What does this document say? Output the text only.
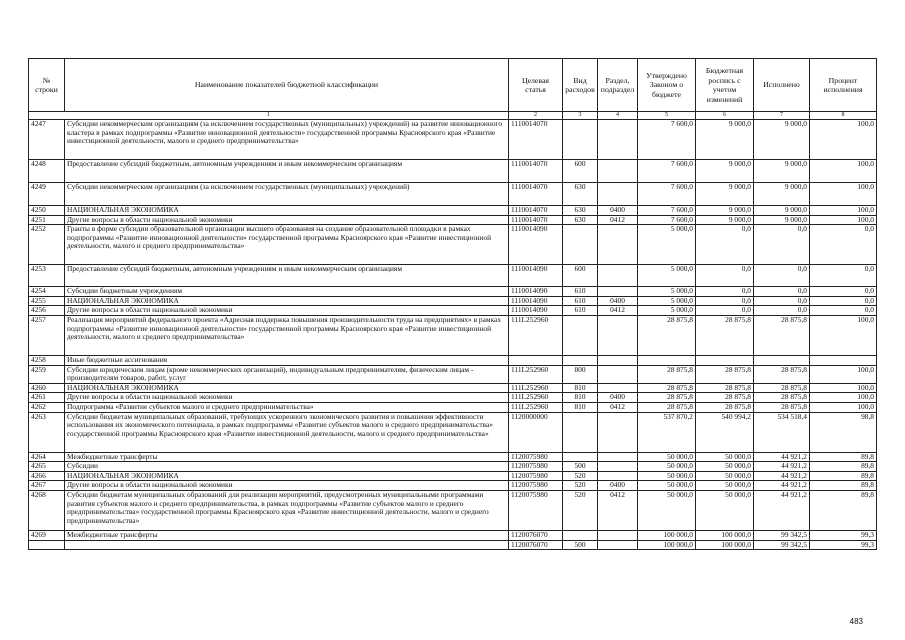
№ строки	Наименование показателей бюджетной классификации	Целевая статья	Вид расходов	Раздел, подраздел	Утверждено Законом о бюджете	Бюджетная роспись с учетом изменений	Исполнено	Процент исполнения
1		2	3	4	5	6	7	8
4247	Субсидии некоммерческим организациям (за исключением государственных (муниципальных) учреждений) на развитие инновационного кластера в рамках подпрограммы «Развитие инновационной деятельности» государственной программы Красноярского края «Развитие инвестиционной деятельности, малого и среднего предпринимательства»	1110014070			7 600,0	9 000,0	9 000,0	100,0
4248	Предоставление субсидий бюджетным, автономным учреждениям и иным некоммерческим организациям	1110014070	600		7 600,0	9 000,0	9 000,0	100,0
4249	Субсидии некоммерческим организациям (за исключением государственных (муниципальных) учреждений)	1110014070	630		7 600,0	9 000,0	9 000,0	100,0
4250	НАЦИОНАЛЬНАЯ ЭКОНОМИКА	1110014070	630	0400	7 600,0	9 000,0	9 000,0	100,0
4251	Другие вопросы в области национальной экономики	1110014070	630	0412	7 600,0	9 000,0	9 000,0	100,0
4252	Гранты в форме субсидии образовательной организации высшего образования на создание образовательной площадки в рамках подпрограммы «Развитие инновационной деятельности» государственной программы Красноярского края «Развитие инвестиционной деятельности, малого и среднего предпринимательства»	1110014090			5 000,0	0,0	0,0	0,0
4253	Предоставление субсидий бюджетным, автономным учреждениям и иным некоммерческим организациям	1110014090	600		5 000,0	0,0	0,0	0,0
4254	Субсидии бюджетным учреждениям	1110014090	610		5 000,0	0,0	0,0	0,0
4255	НАЦИОНАЛЬНАЯ ЭКОНОМИКА	1110014090	610	0400	5 000,0	0,0	0,0	0,0
4256	Другие вопросы в области национальной экономики	1110014090	610	0412	5 000,0	0,0	0,0	0,0
4257	Реализация мероприятий федерального проекта «Адресная поддержка повышения производительности труда на предприятиях» в рамках подпрограммы «Развитие инновационной деятельности» государственной программы Красноярского края «Развитие инвестиционной деятельности, малого и среднего предпринимательства»	111L252960			28 875,8	28 875,8	28 875,8	100,0
4258	Иные бюджетные ассигнования							
4259	Субсидии юридическим лицам (кроме некоммерческих организаций), индивидуальным предпринимателям, физическим лицам - производителям товаров, работ, услуг	111L252960	800		28 875,8	28 875,8	28 875,8	100,0
4260	НАЦИОНАЛЬНАЯ ЭКОНОМИКА	111L252960	810		28 875,8	28 875,8	28 875,8	100,0
4261	Другие вопросы в области национальной экономики	111L252960	810	0400	28 875,8	28 875,8	28 875,8	100,0
4262	Подпрограмма «Развитие субъектов малого и среднего предпринимательства»	111L252960	810	0412	28 875,8	28 875,8	28 875,8	100,0
4263	Субсидии бюджетам муниципальных образований, требующих ускоренного экономического развития и повышения эффективности использования их экономического потенциала, в рамках подпрограммы «Развитие субъектов малого и среднего предпринимательства» государственной программы Красноярского края «Развитие инвестиционной деятельности, малого и среднего предпринимательства»	1120000000			537 870,2	540 994,2	534 518,4	98,8
4264	Межбюджетные трансферты	1120075980			50 000,0	50 000,0	44 921,2	89,8
4265	Субсидии	1120075980	500		50 000,0	50 000,0	44 921,2	89,8
4266	НАЦИОНАЛЬНАЯ ЭКОНОМИКА	1120075980	520		50 000,0	50 000,0	44 921,2	89,8
4267	Другие вопросы в области национальной экономики	1120075980	520	0400	50 000,0	50 000,0	44 921,2	89,8
4268	Субсидии бюджетам муниципальных образований для реализации мероприятий, предусмотренных муниципальными программами развития субъектов малого и среднего предпринимательства, в рамках подпрограммы «Развитие субъектов малого и среднего предпринимательства» государственной программы Красноярского края «Развитие инвестиционной деятельности, малого и среднего предпринимательства»	1120075980	520	0412	50 000,0	50 000,0	44 921,2	89,8
4269	Межбюджетные трансферты	1120076070			100 000,0	100 000,0	99 342,5	99,3
		1120076070	500		100 000,0	100 000,0	99 342,5	99,3
483
